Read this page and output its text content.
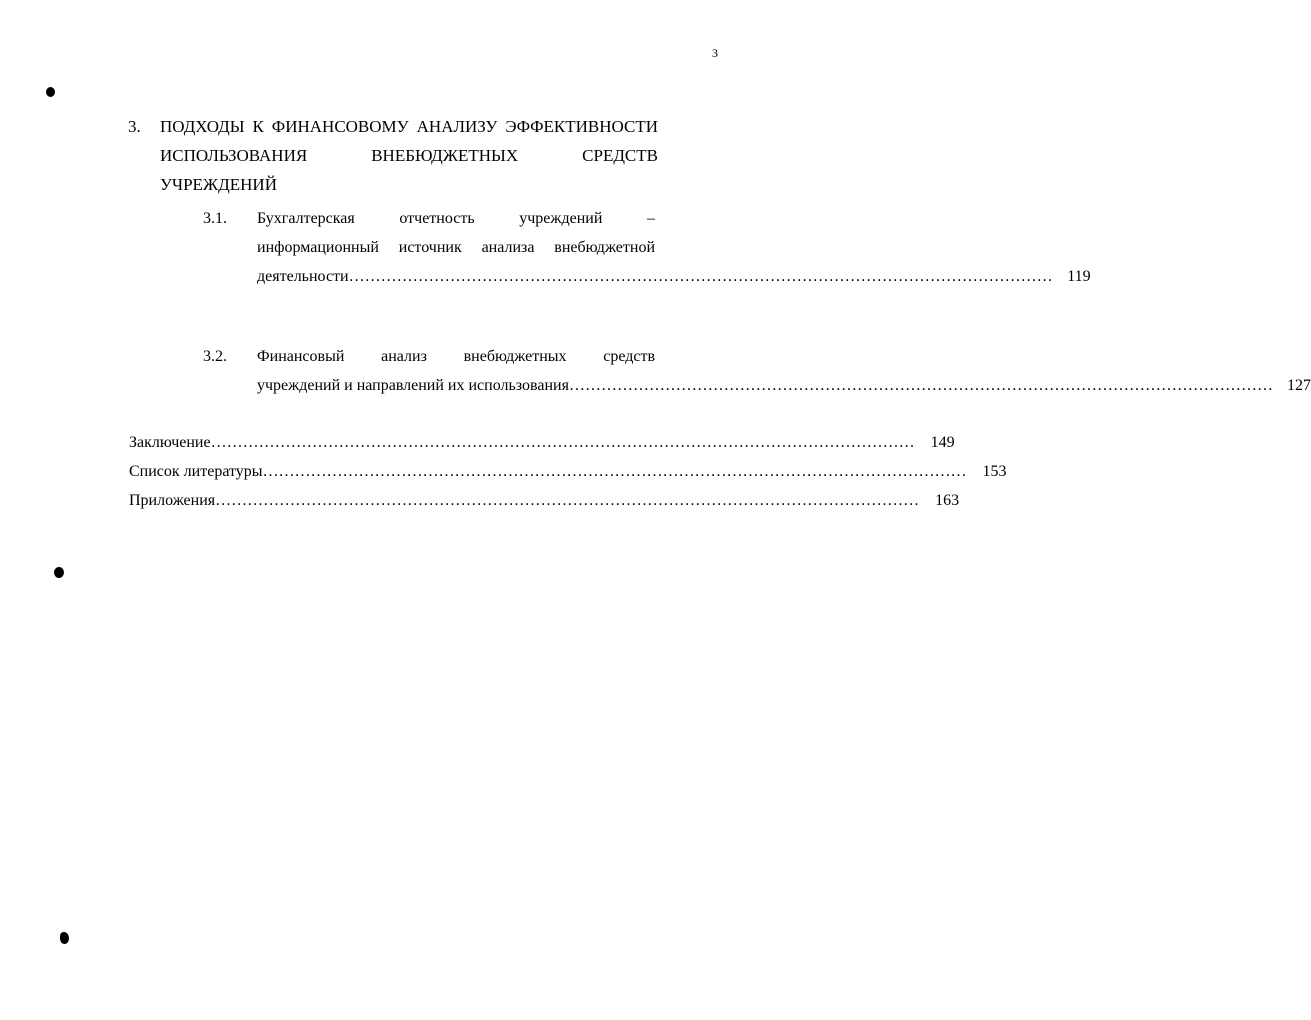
3
3. ПОДХОДЫ К ФИНАНСОВОМУ АНАЛИЗУ ЭФФЕКТИВНОСТИ
ИСПОЛЬЗОВАНИЯ ВНЕБЮДЖЕТНЫХ СРЕДСТВ
УЧРЕЖДЕНИЙ
3.1. Бухгалтерская отчетность учреждений –
информационный источник анализа внебюджетной
деятельности …………………………………………………………………………………………………………………… 119
3.2. Финансовый анализ внебюджетных средств
учреждений и направлений их использования …………………………………………………………………………………………………………………… 127
Заключение ……………………………………………………………………………………………………………………	149
Список литературы ……………………………………………………………………………………………………………………	153
Приложения ……………………………………………………………………………………………………………………	163
